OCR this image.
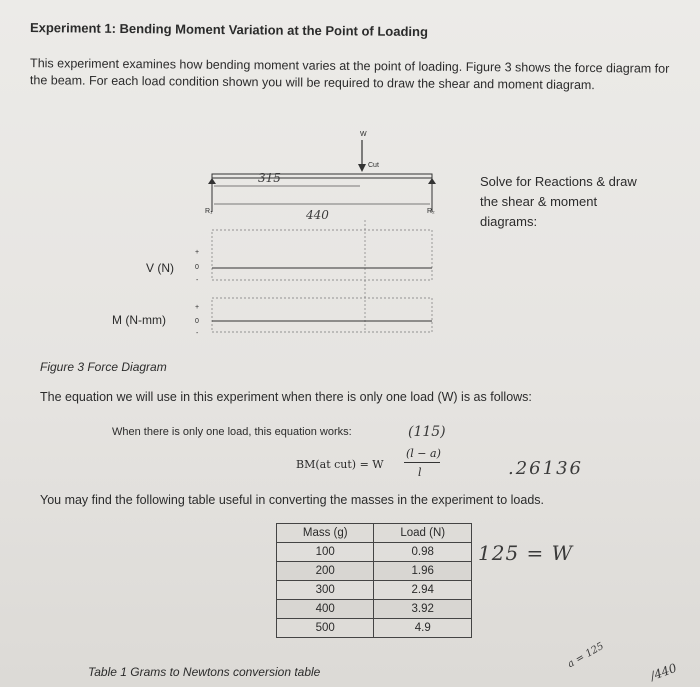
Experiment 1: Bending Moment Variation at the Point of Loading
This experiment examines how bending moment varies at the point of loading. Figure 3 shows the force diagram for the beam. For each load condition shown you will be required to draw the shear and moment diagram.
W
Cut
315
440
R₁	R₂
Solve for Reactions & draw the shear & moment diagrams:
V (N)
+
0
-
M (N-mm)
+
0
-
Figure 3 Force Diagram
The equation we will use in this experiment when there is only one load (W) is as follows:
When there is only one load, this equation works:	(115)
BM(at cut) = W
(l − a)
l	.26136
You may find the following table useful in converting the masses in the experiment to loads.
Mass (g)	Load (N)
100	0.98
200	1.96
300	2.94
400	3.92
500	4.9
125 = W
Table 1 Grams to Newtons conversion table
a = 125
/440
